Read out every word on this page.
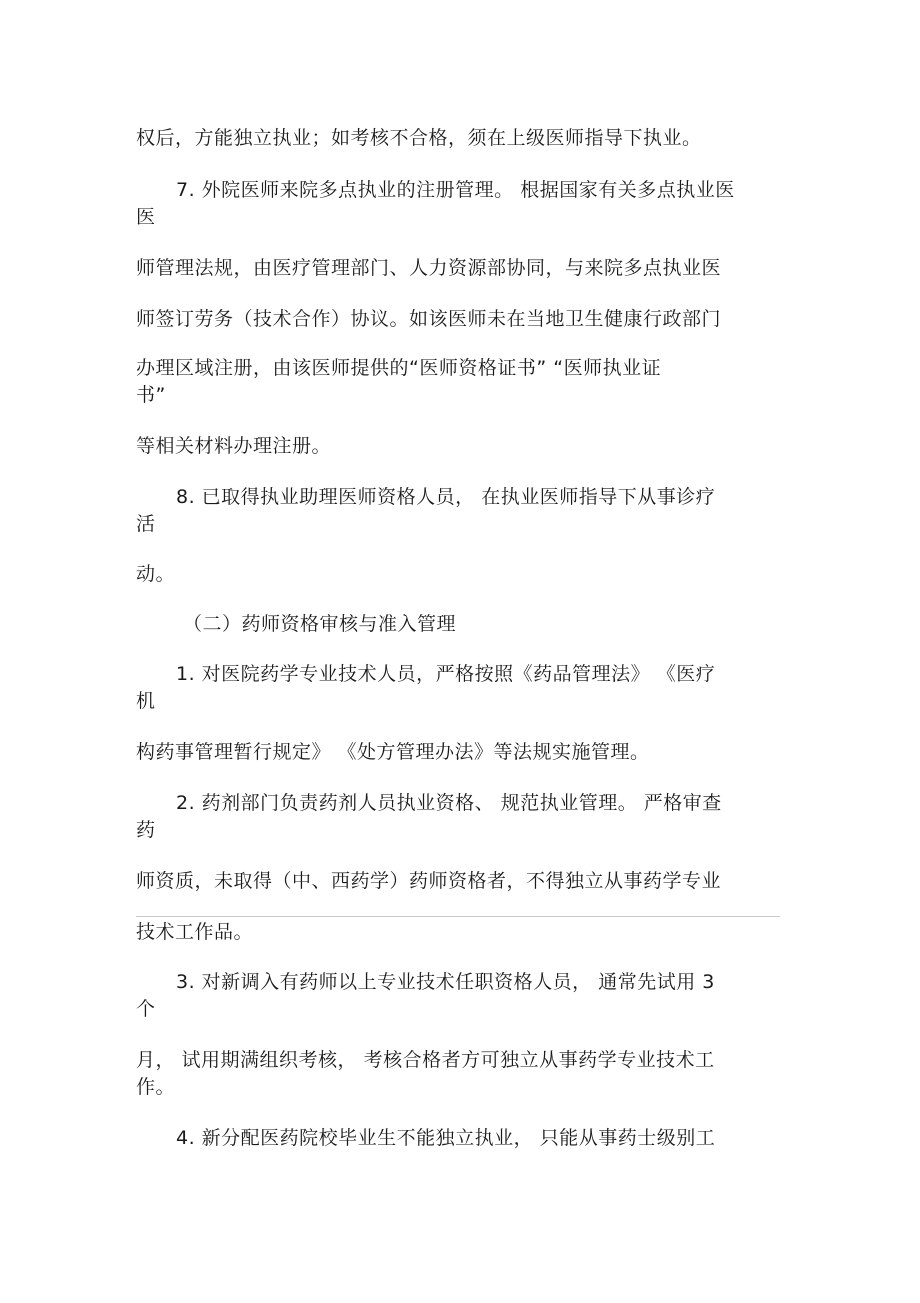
权后，方能独立执业；如考核不合格，须在上级医师指导下执业。
7. 外院医师来院多点执业的注册管理。 根据国家有关多点执业医
医
师管理法规，由医疗管理部门、人力资源部协同，与来院多点执业医
师签订劳务（技术合作）协议。如该医师未在当地卫生健康行政部门
办理区域注册，由该医师提供的“医师资格证书” “医师执业证
书”
等相关材料办理注册。
8. 已取得执业助理医师资格人员， 在执业医师指导下从事诊疗
活
动。
（二）药师资格审核与准入管理
1. 对医院药学专业技术人员，严格按照《药品管理法》 《医疗
机
构药事管理暂行规定》 《处方管理办法》等法规实施管理。
2. 药剂部门负责药剂人员执业资格、 规范执业管理。 严格审查
药
师资质，未取得（中、西药学）药师资格者，不得独立从事药学专业
技术工作品。
3. 对新调入有药师以上专业技术任职资格人员， 通常先试用 3
个
月， 试用期满组织考核， 考核合格者方可独立从事药学专业技术工
作。
4. 新分配医药院校毕业生不能独立执业， 只能从事药士级别工
